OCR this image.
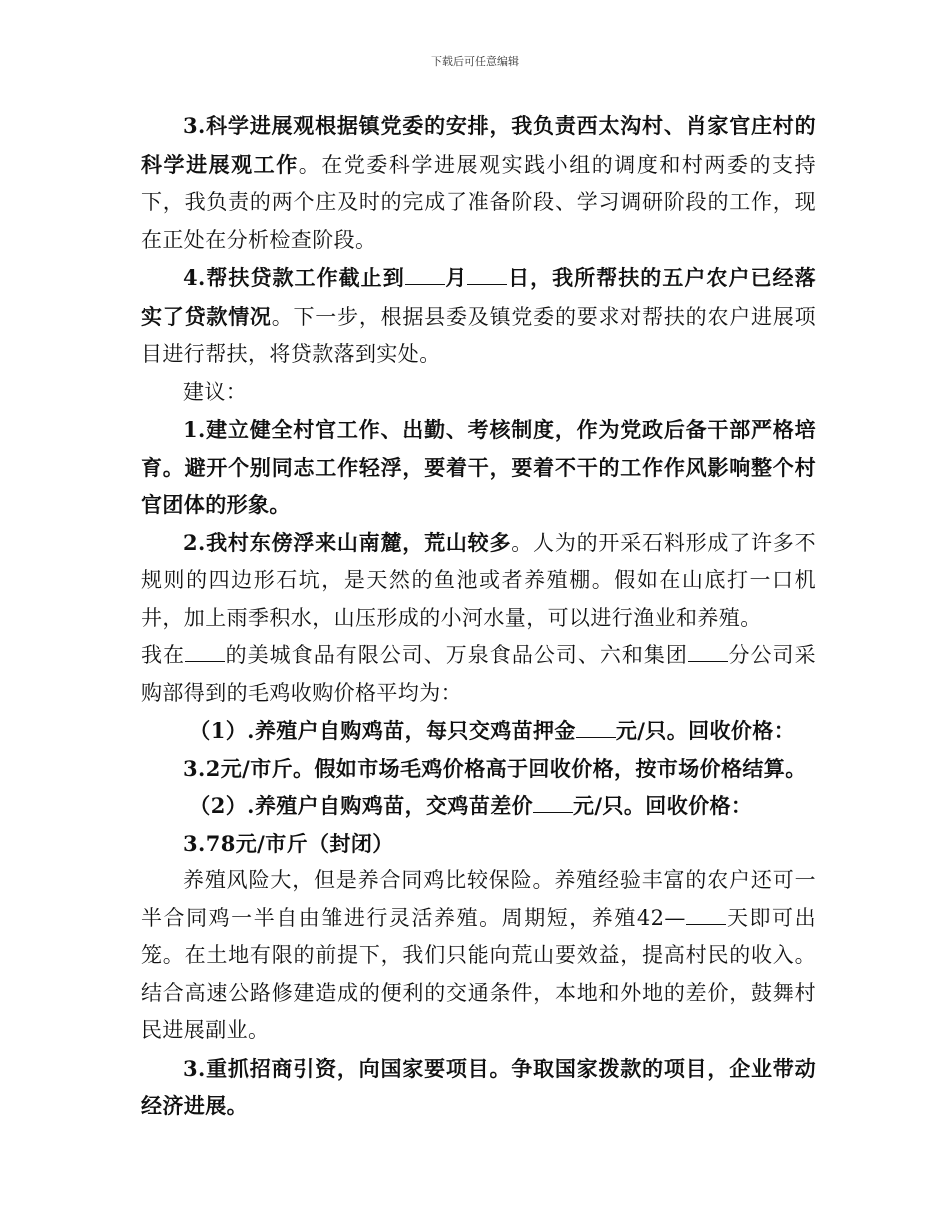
下载后可任意编辑

3.科学进展观根据镇党委的安排，我负责西太沟村、肖家官庄村的科学进展观工作。在党委科学进展观实践小组的调度和村两委的支持下，我负责的两个庄及时的完成了准备阶段、学习调研阶段的工作，现在正处在分析检查阶段。

4.帮扶贷款工作截止到 月 日，我所帮扶的五户农户已经落实了贷款情况。下一步，根据县委及镇党委的要求对帮扶的农户进展项目进行帮扶，将贷款落到实处。

建议：

1.建立健全村官工作、出勤、考核制度，作为党政后备干部严格培育。避开个别同志工作轻浮，要着干，要着不干的工作作风影响整个村官团体的形象。

2.我村东傍浮来山南麓，荒山较多。人为的开采石料形成了许多不规则的四边形石坑，是天然的鱼池或者养殖棚。假如在山底打一口机井，加上雨季积水，山压形成的小河水量，可以进行渔业和养殖。

我在 的美城食品有限公司、万泉食品公司、六和集团 分公司采购部得到的毛鸡收购价格平均为：

（1）.养殖户自购鸡苗，每只交鸡苗押金 元/只。回收价格：

3.2元/市斤。假如市场毛鸡价格高于回收价格，按市场价格结算。

（2）.养殖户自购鸡苗，交鸡苗差价 元/只。回收价格：

3.78元/市斤（封闭）

养殖风险大，但是养合同鸡比较保险。养殖经验丰富的农户还可一半合同鸡一半自由雏进行灵活养殖。周期短，养殖42— 天即可出笼。在土地有限的前提下，我们只能向荒山要效益，提高村民的收入。结合高速公路修建造成的便利的交通条件，本地和外地的差价，鼓舞村民进展副业。

3.重抓招商引资，向国家要项目。争取国家拨款的项目，企业带动经济进展。
